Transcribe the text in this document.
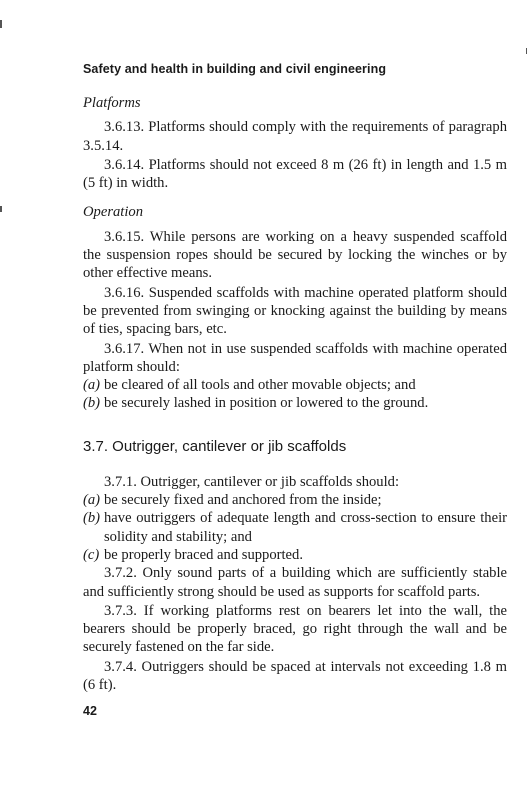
Safety and health in building and civil engineering

Platforms

3.6.13. Platforms should comply with the requirements of paragraph 3.5.14.

3.6.14. Platforms should not exceed 8 m (26 ft) in length and 1.5 m (5 ft) in width.

Operation

3.6.15. While persons are working on a heavy suspended scaffold the suspension ropes should be secured by locking the winches or by other effective means.

3.6.16. Suspended scaffolds with machine operated platform should be prevented from swinging or knocking against the building by means of ties, spacing bars, etc.

3.6.17. When not in use suspended scaffolds with machine operated platform should:

(a) be cleared of all tools and other movable objects; and

(b) be securely lashed in position or lowered to the ground.

3.7. Outrigger, cantilever or jib scaffolds

3.7.1. Outrigger, cantilever or jib scaffolds should:

(a) be securely fixed and anchored from the inside;

(b) have outriggers of adequate length and cross-section to ensure their solidity and stability; and

(c) be properly braced and supported.

3.7.2. Only sound parts of a building which are sufficiently stable and sufficiently strong should be used as supports for scaffold parts.

3.7.3. If working platforms rest on bearers let into the wall, the bearers should be properly braced, go right through the wall and be securely fastened on the far side.

3.7.4. Outriggers should be spaced at intervals not exceeding 1.8 m (6 ft).

42
